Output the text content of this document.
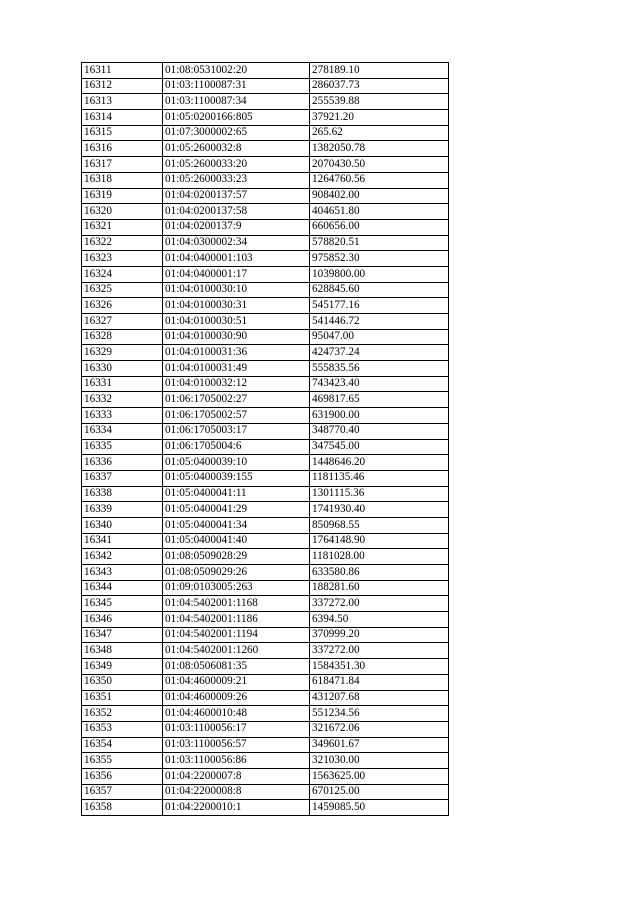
16311	01:08:0531002:20	278189.10
16312	01:03:1100087:31	286037.73
16313	01:03:1100087:34	255539.88
16314	01:05:0200166:805	37921.20
16315	01:07:3000002:65	265.62
16316	01:05:2600032:8	1382050.78
16317	01:05:2600033:20	2070430.50
16318	01:05:2600033:23	1264760.56
16319	01:04:0200137:57	908402.00
16320	01:04:0200137:58	404651.80
16321	01:04:0200137:9	660656.00
16322	01:04:0300002:34	578820.51
16323	01:04:0400001:103	975852.30
16324	01:04:0400001:17	1039800.00
16325	01:04:0100030:10	628845.60
16326	01:04:0100030:31	545177.16
16327	01:04:0100030:51	541446.72
16328	01:04:0100030:90	95047.00
16329	01:04:0100031:36	424737.24
16330	01:04:0100031:49	555835.56
16331	01:04:0100032:12	743423.40
16332	01:06:1705002:27	469817.65
16333	01:06:1705002:57	631900.00
16334	01:06:1705003:17	348770.40
16335	01:06:1705004:6	347545.00
16336	01:05:0400039:10	1448646.20
16337	01:05:0400039:155	1181135.46
16338	01:05:0400041:11	1301115.36
16339	01:05:0400041:29	1741930.40
16340	01:05:0400041:34	850968.55
16341	01:05:0400041:40	1764148.90
16342	01:08:0509028:29	1181028.00
16343	01:08:0509029:26	633580.86
16344	01:09:0103005:263	188281.60
16345	01:04:5402001:1168	337272.00
16346	01:04:5402001:1186	6394.50
16347	01:04:5402001:1194	370999.20
16348	01:04:5402001:1260	337272.00
16349	01:08:0506081:35	1584351.30
16350	01:04:4600009:21	618471.84
16351	01:04:4600009:26	431207.68
16352	01:04:4600010:48	551234.56
16353	01:03:1100056:17	321672.06
16354	01:03:1100056:57	349601.67
16355	01:03:1100056:86	321030.00
16356	01:04:2200007:8	1563625.00
16357	01:04:2200008:8	670125.00
16358	01:04:2200010:1	1459085.50
